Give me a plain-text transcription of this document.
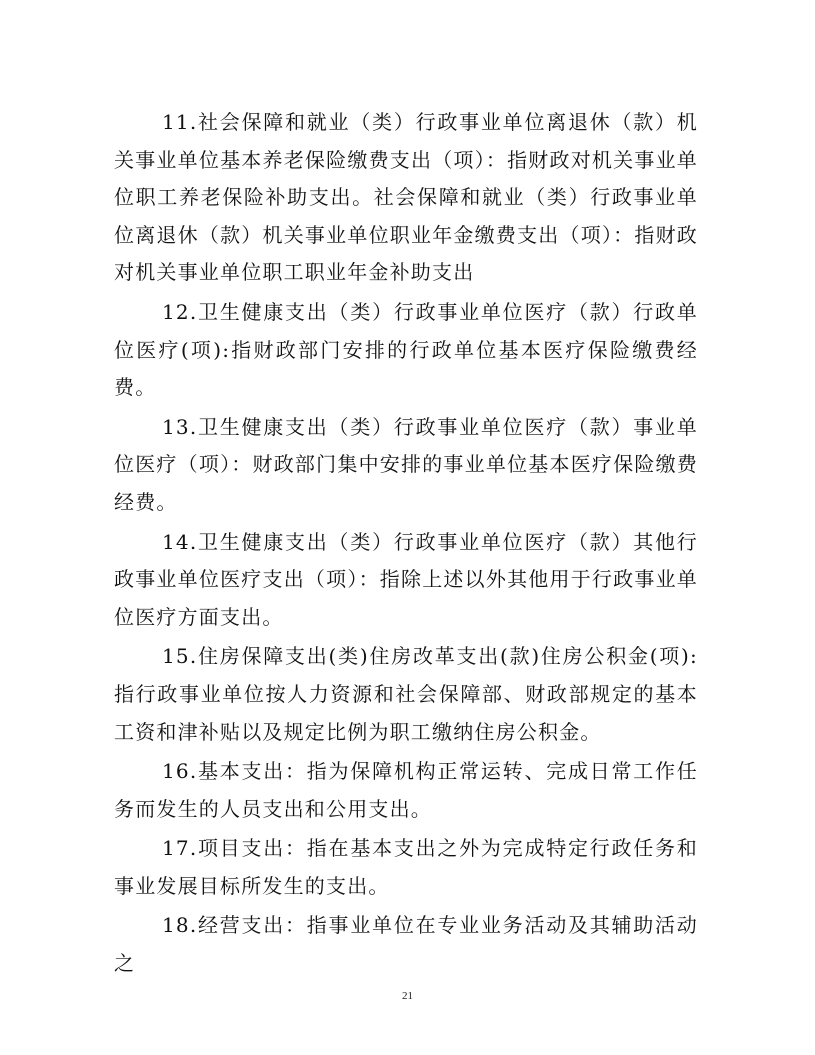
11.社会保障和就业（类）行政事业单位离退休（款）机关事业单位基本养老保险缴费支出（项）：指财政对机关事业单位职工养老保险补助支出。社会保障和就业（类）行政事业单位离退休（款）机关事业单位职业年金缴费支出（项）：指财政对机关事业单位职工职业年金补助支出

12.卫生健康支出（类）行政事业单位医疗（款）行政单位医疗(项):指财政部门安排的行政单位基本医疗保险缴费经费。

13.卫生健康支出（类）行政事业单位医疗（款）事业单位医疗（项）：财政部门集中安排的事业单位基本医疗保险缴费经费。

14.卫生健康支出（类）行政事业单位医疗（款）其他行政事业单位医疗支出（项）：指除上述以外其他用于行政事业单位医疗方面支出。

15.住房保障支出(类)住房改革支出(款)住房公积金(项):指行政事业单位按人力资源和社会保障部、财政部规定的基本工资和津补贴以及规定比例为职工缴纳住房公积金。

16.基本支出：指为保障机构正常运转、完成日常工作任务而发生的人员支出和公用支出。

17.项目支出：指在基本支出之外为完成特定行政任务和事业发展目标所发生的支出。

18.经营支出：指事业单位在专业业务活动及其辅助活动之

21
